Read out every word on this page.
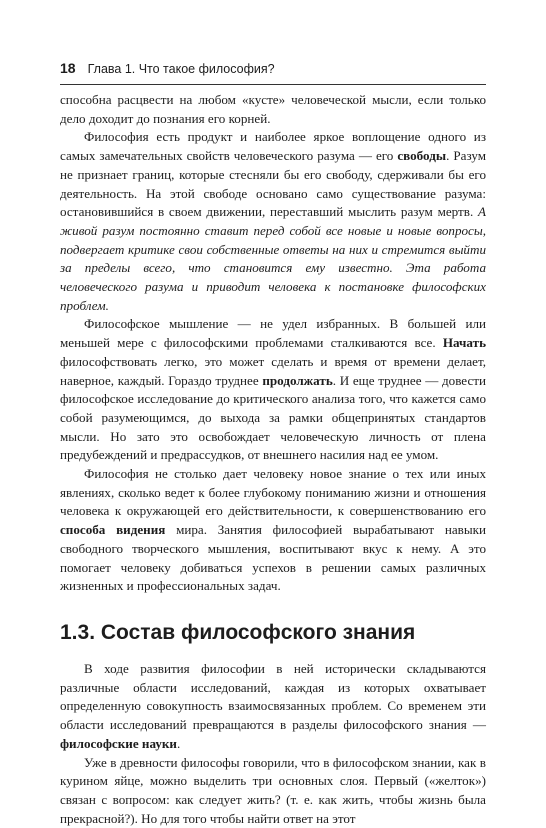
18 Глава 1. Что такое философия?

способна расцвести на любом «кусте» человеческой мысли, если только дело доходит до познания его корней.

Философия есть продукт и наиболее яркое воплощение одного из самых замечательных свойств человеческого разума — его свободы. Разум не признает границ, которые стесняли бы его свободу, сдерживали бы его деятельность. На этой свободе основано само существование разума: остановившийся в своем движении, переставший мыслить разум мертв. А живой разум постоянно ставит перед собой все новые и новые вопросы, подвергает критике свои собственные ответы на них и стремится выйти за пределы всего, что становится ему известно. Эта работа человеческого разума и приводит человека к постановке философских проблем.

Философское мышление — не удел избранных. В большей или меньшей мере с философскими проблемами сталкиваются все. Начать философствовать легко, это может сделать и время от времени делает, наверное, каждый. Гораздо труднее продолжать. И еще труднее — довести философское исследование до критического анализа того, что кажется само собой разумеющимся, до выхода за рамки общепринятых стандартов мысли. Но зато это освобождает человеческую личность от плена предубеждений и предрассудков, от внешнего насилия над ее умом.

Философия не столько дает человеку новое знание о тех или иных явлениях, сколько ведет к более глубокому пониманию жизни и отношения человека к окружающей его действительности, к совершенствованию его способа видения мира. Занятия философией вырабатывают навыки свободного творческого мышления, воспитывают вкус к нему. А это помогает человеку добиваться успехов в решении самых различных жизненных и профессиональных задач.

1.3. Состав философского знания

В ходе развития философии в ней исторически складываются различные области исследований, каждая из которых охватывает определенную совокупность взаимосвязанных проблем. Со временем эти области исследований превращаются в разделы философского знания — философские науки.

Уже в древности философы говорили, что в философском знании, как в курином яйце, можно выделить три основных слоя. Первый («желток») связан с вопросом: как следует жить? (т. е. как жить, чтобы жизнь была прекрасной?). Но для того чтобы найти ответ на этот
